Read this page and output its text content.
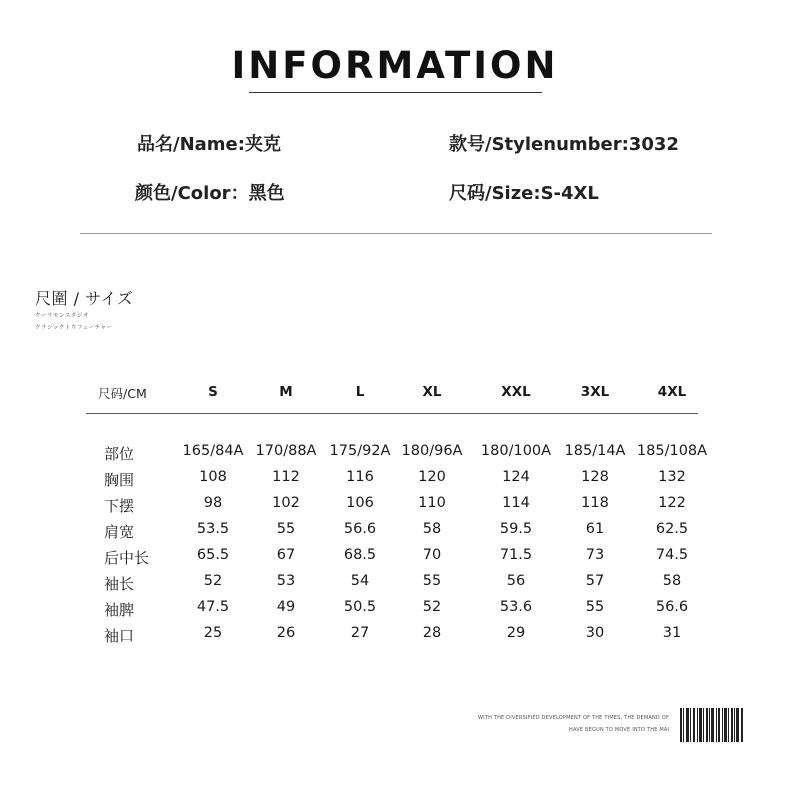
INFORMATION
品名/Name:夹克	款号/Stylenumber:3032
颜色/Color：黑色	尺码/Size:S-4XL
尺圍 / サイズ
クーラモンスタジオ
クラシックトウフューチャー
尺码/CM	S	M	L	XL	XXL	3XL	4XL
部位	165/84A 170/88A 175/92A 180/96A	180/100A 185/14A 185/108A
胸围	108	112	116	120	124	128	132
下摆	98	102	106	110	114	118	122
肩宽	53.5	55	56.6	58	59.5	61	62.5
后中长	65.5	67	68.5	70	71.5	73	74.5
袖长	52	53	54	55	56	57	58
袖脾	47.5	49	50.5	52	53.6	55	56.6
袖口	25	26	27	28	29	30	31
WITH THE DIVERSIFIED DEVELOPMENT OF THE TIMES, THE DEMAND OF
HAVE BEGUN TO MOVE INTO THE MAI
